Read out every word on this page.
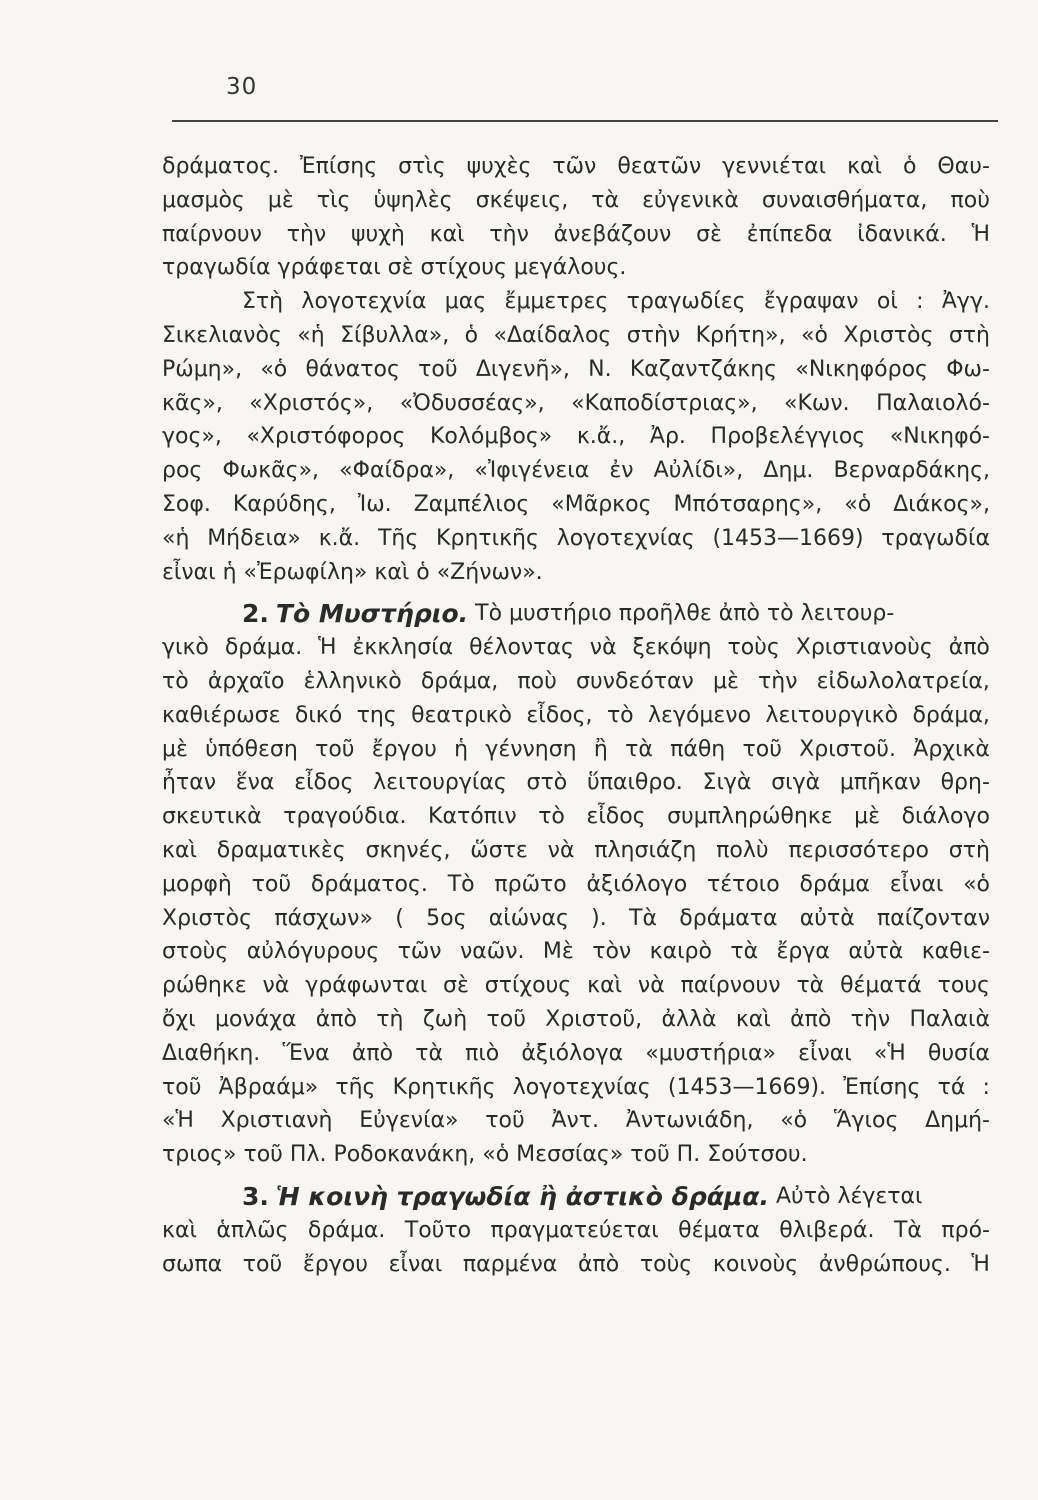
30
δράματος. Ἐπίσης στὶς ψυχὲς τῶν θεατῶν γεννιέται καὶ ὁ Θαυ-
μασμὸς μὲ τὶς ὑψηλὲς σκέψεις, τὰ εὐγενικὰ συναισθήματα, ποὺ
παίρνουν τὴν ψυχὴ καὶ τὴν ἀνεβάζουν σὲ ἐπίπεδα ἰδανικά. Ἡ
τραγωδία γράφεται σὲ στίχους μεγάλους.
Στὴ λογοτεχνία μας ἔμμετρες τραγωδίες ἔγραψαν οἱ : Ἀγγ.
Σικελιανὸς «ἡ Σίβυλλα», ὁ «Δαίδαλος στὴν Κρήτη», «ὁ Χριστὸς στὴ
Ρώμη», «ὁ θάνατος τοῦ Διγενῆ», Ν. Καζαντζάκης «Νικηφόρος Φω-
κᾶς», «Χριστός», «Ὀδυσσέας», «Καποδίστριας», «Κων. Παλαιολό-
γος», «Χριστόφορος Κολόμβος» κ.ἄ., Ἀρ. Προβελέγγιος «Νικηφό-
ρος Φωκᾶς», «Φαίδρα», «Ἰφιγένεια ἐν Αὐλίδι», Δημ. Βερναρδάκης,
Σοφ. Καρύδης, Ἰω. Ζαμπέλιος «Μᾶρκος Μπότσαρης», «ὁ Διάκος»,
«ἡ Μήδεια» κ.ἄ. Τῆς Κρητικῆς λογοτεχνίας (1453—1669) τραγωδία
εἶναι ἡ «Ἐρωφίλη» καὶ ὁ «Ζήνων».
2.
Τὸ Μυστήριο.
Τὸ μυστήριο προῆλθε ἀπὸ τὸ λειτουρ-
γικὸ δράμα. Ἡ ἐκκλησία θέλοντας νὰ ξεκόψη τοὺς Χριστιανοὺς ἀπὸ
τὸ ἀρχαῖο ἑλληνικὸ δράμα, ποὺ συνδεόταν μὲ τὴν εἰδωλολατρεία,
καθιέρωσε δικό της θεατρικὸ εἶδος, τὸ λεγόμενο λειτουργικὸ δράμα,
μὲ ὑπόθεση τοῦ ἔργου ἡ γέννηση ἢ τὰ πάθη τοῦ Χριστοῦ. Ἀρχικὰ
ἦταν ἕνα εἶδος λειτουργίας στὸ ὕπαιθρο. Σιγὰ σιγὰ μπῆκαν θρη-
σκευτικὰ τραγούδια. Κατόπιν τὸ εἶδος συμπληρώθηκε μὲ διάλογο
καὶ δραματικὲς σκηνές, ὥστε νὰ πλησιάζη πολὺ περισσότερο στὴ
μορφὴ τοῦ δράματος. Τὸ πρῶτο ἀξιόλογο τέτοιο δράμα εἶναι «ὁ
Χριστὸς πάσχων» ( 5ος αἰώνας ). Τὰ δράματα αὐτὰ παίζονταν
στοὺς αὐλόγυρους τῶν ναῶν. Μὲ τὸν καιρὸ τὰ ἔργα αὐτὰ καθιε-
ρώθηκε νὰ γράφωνται σὲ στίχους καὶ νὰ παίρνουν τὰ θέματά τους
ὄχι μονάχα ἀπὸ τὴ ζωὴ τοῦ Χριστοῦ, ἀλλὰ καὶ ἀπὸ τὴν Παλαιὰ
Διαθήκη. Ἕνα ἀπὸ τὰ πιὸ ἀξιόλογα «μυστήρια» εἶναι «Ἡ θυσία
τοῦ Ἀβραάμ» τῆς Κρητικῆς λογοτεχνίας (1453—1669). Ἐπίσης τά :
«Ἡ Χριστιανὴ Εὐγενία» τοῦ Ἀντ. Ἀντωνιάδη, «ὁ Ἅγιος Δημή-
τριος» τοῦ Πλ. Ροδοκανάκη, «ὁ Μεσσίας» τοῦ Π. Σούτσου.
3.
Ἡ κοινὴ τραγωδία ἢ ἀστικὸ δράμα.
Αὐτὸ λέγεται
καὶ ἁπλῶς δράμα. Τοῦτο πραγματεύεται θέματα θλιβερά. Τὰ πρό-
σωπα τοῦ ἔργου εἶναι παρμένα ἀπὸ τοὺς κοινοὺς ἀνθρώπους. Ἡ
